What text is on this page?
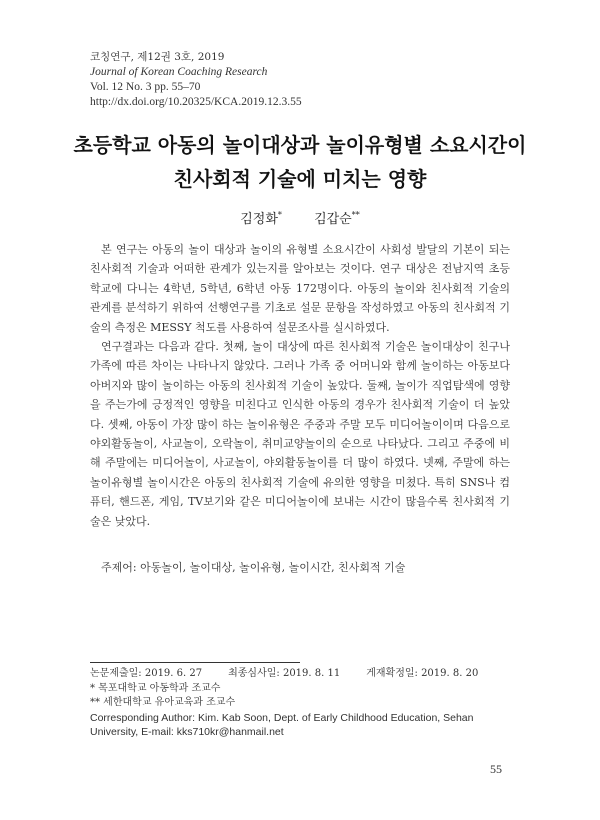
코칭연구, 제12권 3호, 2019
Journal of Korean Coaching Research
Vol. 12 No. 3 pp. 55–70
http://dx.doi.org/10.20325/KCA.2019.12.3.55
초등학교 아동의 놀이대상과 놀이유형별 소요시간이
친사회적 기술에 미치는 영향
김정화* 김갑순**

본 연구는 아동의 놀이 대상과 놀이의 유형별 소요시간이 사회성 발달의 기본이 되는 친사회적 기술과 어떠한 관계가 있는지를 알아보는 것이다. 연구 대상은 전남지역 초등학교에 다니는 4학년, 5학년, 6학년 아동 172명이다. 아동의 놀이와 친사회적 기술의 관계를 분석하기 위하여 선행연구를 기초로 설문 문항을 작성하였고 아동의 친사회적 기술의 측정은 MESSY 척도를 사용하여 설문조사를 실시하였다.

연구결과는 다음과 같다. 첫째, 놀이 대상에 따른 친사회적 기술은 놀이대상이 친구나 가족에 따른 차이는 나타나지 않았다. 그러나 가족 중 어머니와 함께 놀이하는 아동보다 아버지와 많이 놀이하는 아동의 친사회적 기술이 높았다. 둘째, 놀이가 직업탐색에 영향을 주는가에 긍정적인 영향을 미친다고 인식한 아동의 경우가 친사회적 기술이 더 높았다. 셋째, 아동이 가장 많이 하는 놀이유형은 주중과 주말 모두 미디어놀이이며 다음으로 야외활동놀이, 사교놀이, 오락놀이, 취미교양놀이의 순으로 나타났다. 그리고 주중에 비해 주말에는 미디어놀이, 사교놀이, 야외활동놀이를 더 많이 하였다. 넷째, 주말에 하는 놀이유형별 놀이시간은 아동의 친사회적 기술에 유의한 영향을 미쳤다. 특히 SNS나 컴퓨터, 핸드폰, 게임, TV보기와 같은 미디어놀이에 보내는 시간이 많을수록 친사회적 기술은 낮았다.

주제어: 아동놀이, 놀이대상, 놀이유형, 놀이시간, 친사회적 기술
논문제출일: 2019. 6. 27	최종심사일: 2019. 8. 11	게재확정일: 2019. 8. 20
* 목포대학교 아동학과 조교수
** 세한대학교 유아교육과 조교수
Corresponding Author: Kim. Kab Soon, Dept. of Early Childhood Education, Sehan University, E-mail: kks710kr@hanmail.net
55
